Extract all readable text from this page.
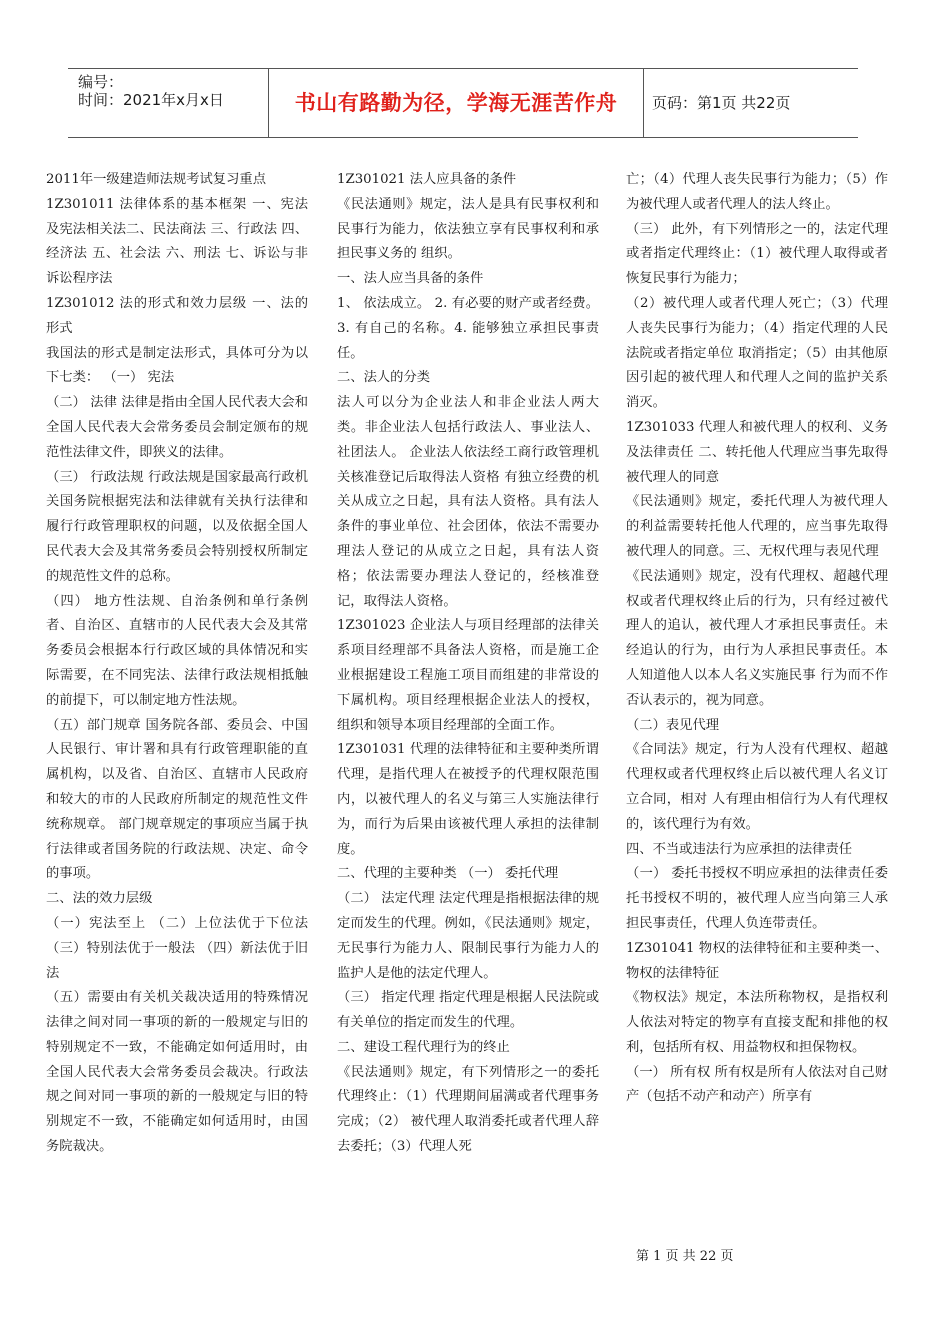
编号：
时间：2021年x月x日	书山有路勤为径，学海无涯苦作舟	页码：第1页 共22页

2011年一级建造师法规考试复习重点

1Z301011 法律体系的基本框架 一、宪法及宪法相关法二、民法商法 三、行政法 四、经济法 五、社会法 六、刑法 七、诉讼与非诉讼程序法

1Z301012 法的形式和效力层级 一、法的形式

我国法的形式是制定法形式，具体可分为以下七类： （一） 宪法

（二） 法律 法律是指由全国人民代表大会和全国人民代表大会常务委员会制定颁布的规范性法律文件，即狭义的法律。

（三） 行政法规 行政法规是国家最高行政机关国务院根据宪法和法律就有关执行法律和履行行政管理职权的问题，以及依据全国人民代表大会及其常务委员会特别授权所制定的规范性文件的总称。

（四） 地方性法规、自治条例和单行条例者、自治区、直辖市的人民代表大会及其常务委员会根据本行行政区域的具体情况和实际需要，在不同宪法、法律行政法规相抵触的前提下，可以制定地方性法规。

（五）部门规章 国务院各部、委员会、中国人民银行、审计署和具有行政管理职能的直属机构，以及省、自治区、直辖市人民政府和较大的市的人民政府所制定的规范性文件统称规章。 部门规章规定的事项应当属于执行法律或者国务院的行政法规、决定、命令的事项。

二、法的效力层级

（一）宪法至上 （二）上位法优于下位法 （三）特别法优于一般法 （四）新法优于旧法

（五）需要由有关机关裁决适用的特殊情况法律之间对同一事项的新的一般规定与旧的特别规定不一致，不能确定如何适用时，由全国人民代表大会常务委员会裁决。行政法规之间对同一事项的新的一般规定与旧的特别规定不一致，不能确定如何适用时，由国务院裁决。

1Z301021 法人应具备的条件

《民法通则》规定，法人是具有民事权利和民事行为能力，依法独立享有民事权利和承担民事义务的 组织。

一、法人应当具备的条件

1、 依法成立。 2. 有必要的财产或者经费。3. 有自己的名称。4. 能够独立承担民事责任。

二、法人的分类

法人可以分为企业法人和非企业法人两大类。非企业法人包括行政法人、事业法人、社团法人。 企业法人依法经工商行政管理机关核准登记后取得法人资格 有独立经费的机关从成立之日起，具有法人资格。具有法人条件的事业单位、社会团体，依法不需要办理法人登记的从成立之日起，具有法人资格；依法需要办理法人登记的，经核准登记，取得法人资格。

1Z301023 企业法人与项目经理部的法律关系项目经理部不具备法人资格，而是施工企业根据建设工程施工项目而组建的非常设的下属机构。项目经理根据企业法人的授权，组织和领导本项目经理部的全面工作。

1Z301031 代理的法律特征和主要种类所谓代理，是指代理人在被授予的代理权限范围内，以被代理人的名义与第三人实施法律行为，而行为后果由该被代理人承担的法律制度。

二、代理的主要种类 （一） 委托代理

（二） 法定代理 法定代理是指根据法律的规定而发生的代理。例如，《民法通则》规定，无民事行为能力人、限制民事行为能力人的监护人是他的法定代理人。

（三） 指定代理 指定代理是根据人民法院或有关单位的指定而发生的代理。

二、建设工程代理行为的终止

《民法通则》规定，有下列情形之一的委托代理终止：（1）代理期间届满或者代理事务完成；（2） 被代理人取消委托或者代理人辞去委托；（3）代理人死

亡；（4）代理人丧失民事行为能力；（5）作为被代理人或者代理人的法人终止。

（三） 此外，有下列情形之一的，法定代理或者指定代理终止：（1）被代理人取得或者恢复民事行为能力；

（2）被代理人或者代理人死亡；（3）代理人丧失民事行为能力；（4）指定代理的人民法院或者指定单位 取消指定；（5）由其他原因引起的被代理人和代理人之间的监护关系消灭。

1Z301033 代理人和被代理人的权利、义务及法律责任 二、转托他人代理应当事先取得被代理人的同意

《民法通则》规定，委托代理人为被代理人的利益需要转托他人代理的，应当事先取得被代理人的同意。三、无权代理与表见代理

《民法通则》规定，没有代理权、超越代理权或者代理权终止后的行为，只有经过被代理人的追认，被代理人才承担民事责任。未经追认的行为，由行为人承担民事责任。本人知道他人以本人名义实施民事 行为而不作否认表示的，视为同意。

（二）表见代理

《合同法》规定，行为人没有代理权、超越代理权或者代理权终止后以被代理人名义订立合同，相对 人有理由相信行为人有代理权的，该代理行为有效。

四、不当或违法行为应承担的法律责任

（一） 委托书授权不明应承担的法律责任委托书授权不明的，被代理人应当向第三人承担民事责任，代理人负连带责任。

1Z301041 物权的法律特征和主要种类一、物权的法律特征

《物权法》规定，本法所称物权，是指权利人依法对特定的物享有直接支配和排他的权利，包括所有权、用益物权和担保物权。

（一） 所有权 所有权是所有人依法对自己财产（包括不动产和动产）所享有

第 1 页 共 22 页
